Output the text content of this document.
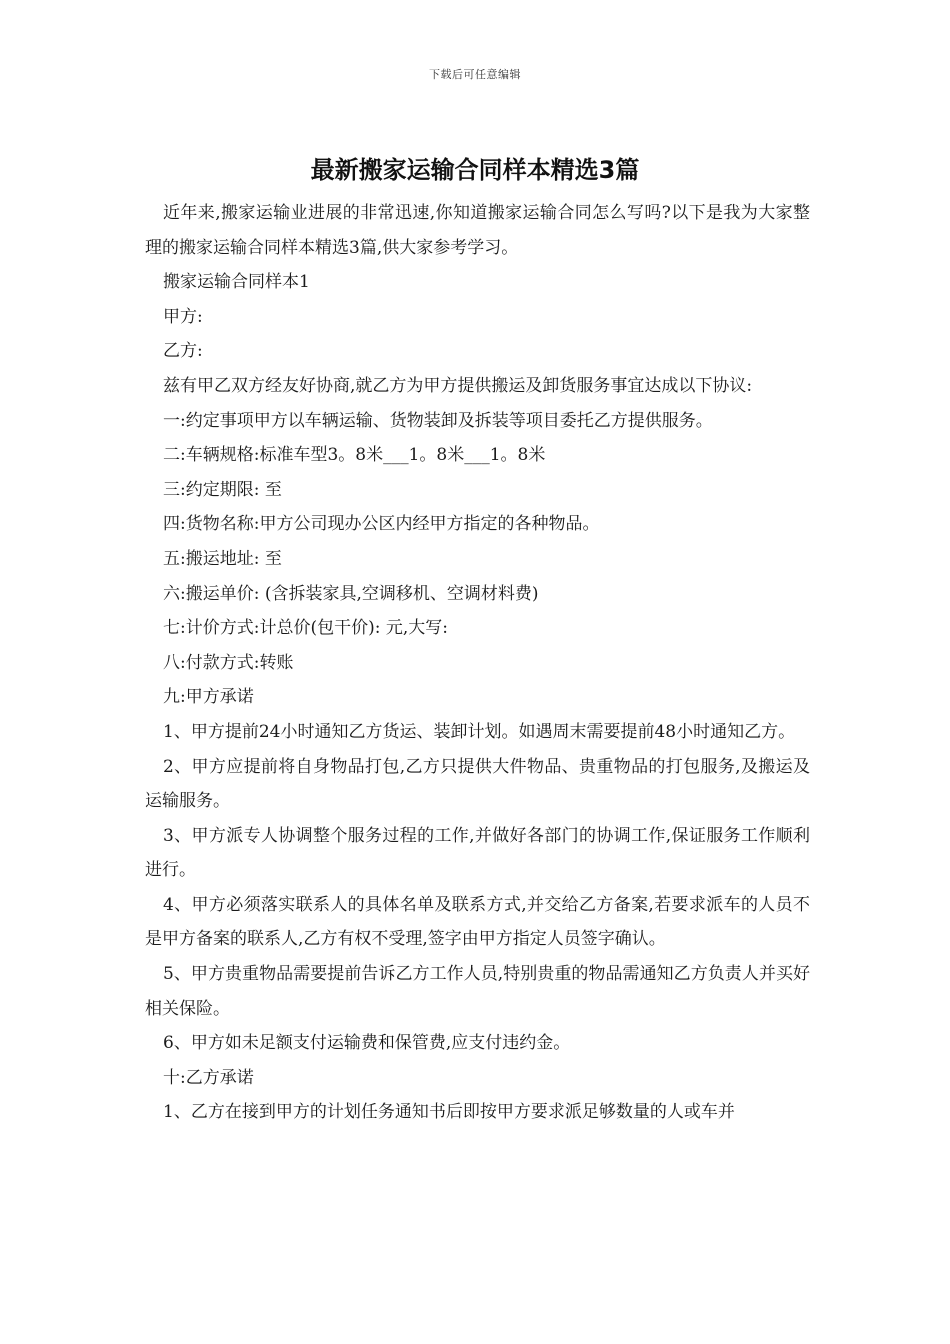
下载后可任意编辑
最新搬家运输合同样本精选3篇

近年来,搬家运输业进展的非常迅速,你知道搬家运输合同怎么写吗?以下是我为大家整理的搬家运输合同样本精选3篇,供大家参考学习。

搬家运输合同样本1

甲方:

乙方:

兹有甲乙双方经友好协商,就乙方为甲方提供搬运及卸货服务事宜达成以下协议:

一:约定事项甲方以车辆运输、货物装卸及拆装等项目委托乙方提供服务。

二:车辆规格:标准车型3。8米___1。8米___1。8米

三:约定期限: 至

四:货物名称:甲方公司现办公区内经甲方指定的各种物品。

五:搬运地址: 至

六:搬运单价: (含拆装家具,空调移机、空调材料费)

七:计价方式:计总价(包干价): 元,大写:

八:付款方式:转账

九:甲方承诺

1、甲方提前24小时通知乙方货运、装卸计划。如遇周末需要提前48小时通知乙方。

2、甲方应提前将自身物品打包,乙方只提供大件物品、贵重物品的打包服务,及搬运及运输服务。

3、甲方派专人协调整个服务过程的工作,并做好各部门的协调工作,保证服务工作顺利进行。

4、甲方必须落实联系人的具体名单及联系方式,并交给乙方备案,若要求派车的人员不是甲方备案的联系人,乙方有权不受理,签字由甲方指定人员签字确认。

5、甲方贵重物品需要提前告诉乙方工作人员,特别贵重的物品需通知乙方负责人并买好相关保险。

6、甲方如未足额支付运输费和保管费,应支付违约金。

十:乙方承诺

1、乙方在接到甲方的计划任务通知书后即按甲方要求派足够数量的人或车并
